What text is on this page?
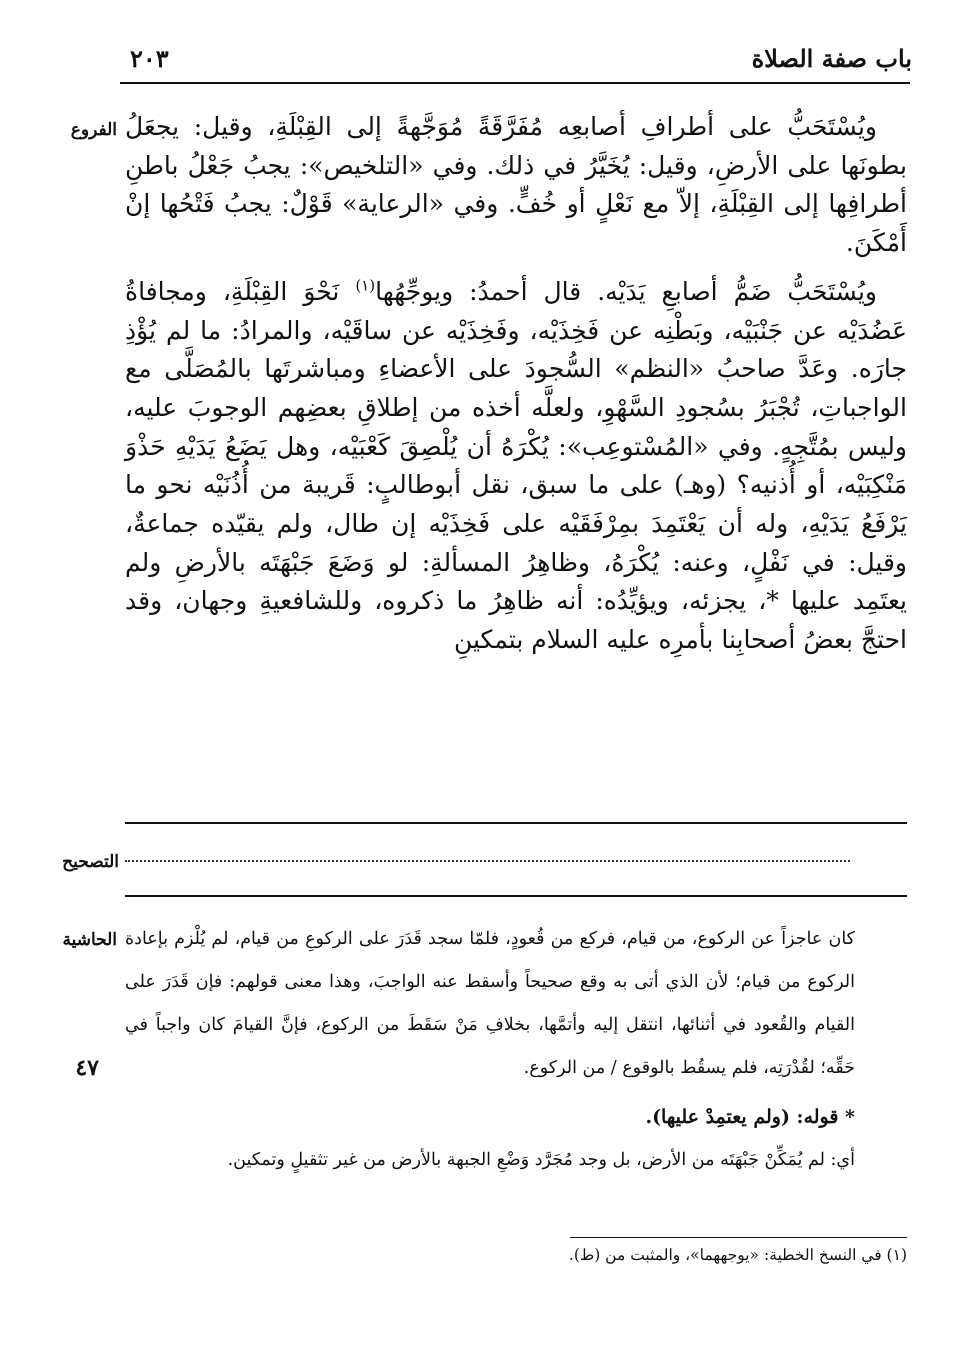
باب صفة الصلاة
٢٠٣
الفروع ويُسْتَحَبُّ على أطرافِ أصابعِه مُفَرَّقَةً مُوَجَّهةً إلى القِبْلَةِ، وقيل: يجعَلُ بطونَها على الأرضِ، وقيل: يُخَيَّرُ في ذلك. وفي «التلخيص»: يجبُ جَعْلُ باطنِ أطرافِها إلى القِبْلَةِ، إلاّ مع نَعْلٍ أو خُفٍّ. وفي «الرعاية» قَوْلٌ: يجبُ فَتْحُها إنْ أَمْكَنَ.

ويُسْتَحَبُّ ضَمُّ أصابعِ يَدَيْه. قال أحمدُ: ويوجِّهُها$^{(١)}$ نَحْوَ القِبْلَةِ، ومجافاةُ عَضُدَيْه عن جَنْبَيْه، وبَطْنِه عن فَخِذَيْه، وفَخِذَيْه عن ساقَيْه، والمرادُ: ما لم يُؤْذِ جارَه. وعَدَّ صاحبُ «النظم» السُّجودَ على الأعضاءِ ومباشرتَها بالمُصَلَّى مع الواجباتِ، تُجْبَرُ بسُجودِ السَّهْوِ، ولعلَّه أخذه من إطلاقِ بعضِهم الوجوبَ عليه، وليس بمُتَّجِهٍ. وفي «المُسْتوعِب»: يُكْرَهُ أن يُلْصِقَ كَعْبَيْه، وهل يَضَعُ يَدَيْهِ حَذْوَ مَنْكِبَيْه، أو أُذنيه؟ (وهـ) على ما سبق، نقل أبوطالبٍ: قَريبة من أُذُنَيْه نحو ما يَرْفَعُ يَدَيْهِ، وله أن يَعْتَمِدَ بمِرْفَقَيْه على فَخِذَيْه إن طال، ولم يقيّده جماعةٌ، وقيل: في نَفْلٍ، وعنه: يُكْرَهُ، وظاهِرُ المسألةِ: لو وَضَعَ جَبْهَتَه بالأرضِ ولم يعتَمِد عليها *، يجزئه، ويؤيِّدُه: أنه ظاهِرُ ما ذكروه، وللشافعيةِ وجهان، وقد احتجَّ بعضُ أصحابِنا بأمرِه عليه السلام بتمكينِ

التصحيح
الحاشية
٤٧

كان عاجزاً عن الركوع، من قيام، فركع من قُعودٍ، فلمّا سجد قَدَرَ على الركوعِ من قيام، لم يُلْزم بإعادة الركوع من قيام؛ لأن الذي أتى به وقع صحيحاً وأسقط عنه الواجبَ، وهذا معنى قولهم: فإن قَدَرَ على القيام والقُعود في أثنائها، انتقل إليه وأتمَّها، بخلافِ مَنْ سَقَطَ من الركوع، فإنَّ القيامَ كان واجباً في حَقِّه؛ لقُدْرَتِه، فلم يسقُط بالوقوع / من الركوع.

* قوله: (ولم يعتمِدْ عليها).

أي: لم يُمَكِّنْ جَبْهَتَه من الأرض، بل وجد مُجَرَّد وَضْعِ الجبهة بالأرض من غير تثقيلٍ وتمكين.

(١) في النسخ الخطية: «يوجههما»، والمثبت من (ط).
